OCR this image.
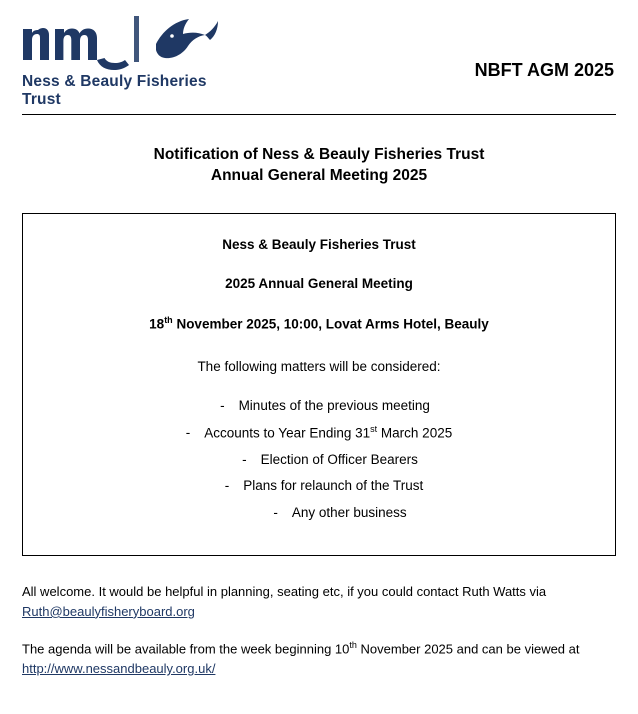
Ness & Beauly Fisheries Trust
NBFT AGM 2025
Notification of Ness & Beauly Fisheries Trust
Annual General Meeting 2025

Ness & Beauly Fisheries Trust

2025 Annual General Meeting

18th November 2025, 10:00, Lovat Arms Hotel, Beauly

The following matters will be considered:

- Minutes of the previous meeting
- Accounts to Year Ending 31st March 2025
- Election of Officer Bearers
- Plans for relaunch of the Trust
- Any other business

All welcome. It would be helpful in planning, seating etc, if you could contact Ruth Watts via
Ruth@beaulyfisheryboard.org

The agenda will be available from the week beginning 10th November 2025 and can be viewed at
http://www.nessandbeauly.org.uk/
